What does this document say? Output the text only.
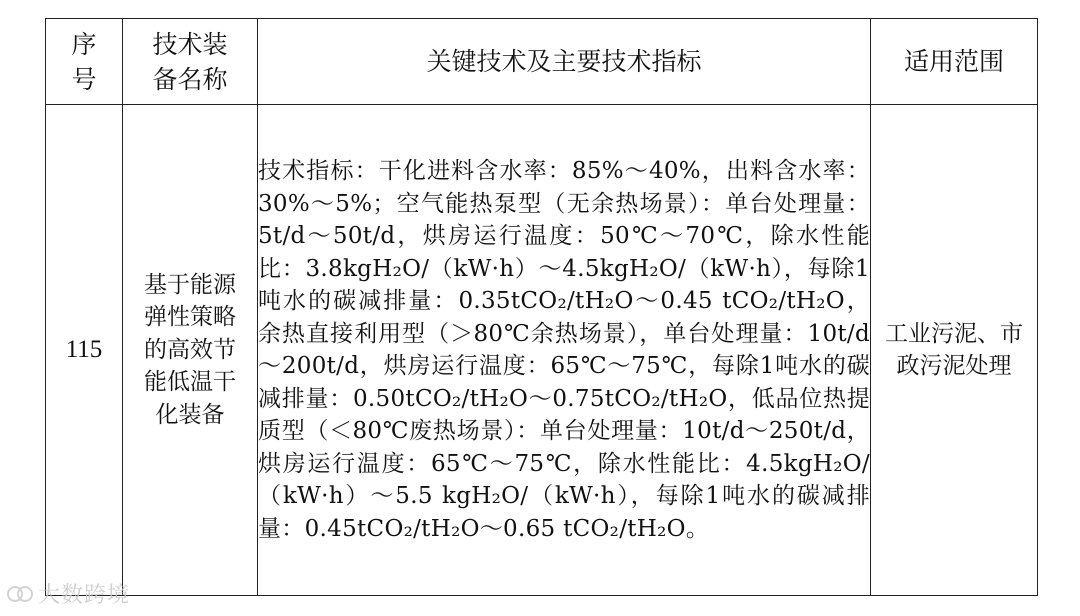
序号	技术装备名称	关键技术及主要技术指标	适用范围
115	基于能源弹性策略的高效节能低温干化装备	技术指标：干化进料含水率：85%～40%，出料含水率：30%～5%；空气能热泵型（无余热场景）：单台处理量：5t/d～50t/d，烘房运行温度：50℃～70℃，除水性能比：3.8kgH₂O/（kW·h）～4.5kgH₂O/（kW·h），每除1吨水的碳减排量：0.35tCO₂/tH₂O～0.45 tCO₂/tH₂O，余热直接利用型（＞80℃余热场景），单台处理量：10t/d～200t/d，烘房运行温度：65℃～75℃，每除1吨水的碳减排量：0.50tCO₂/tH₂O～0.75tCO₂/tH₂O，低品位热提质型（＜80℃废热场景）：单台处理量：10t/d～250t/d，烘房运行温度：65℃～75℃，除水性能比：4.5kgH₂O/（kW·h）～5.5 kgH₂O/（kW·h），每除1吨水的碳减排量：0.45tCO₂/tH₂O～0.65 tCO₂/tH₂O。	工业污泥、市政污泥处理
大数跨境
